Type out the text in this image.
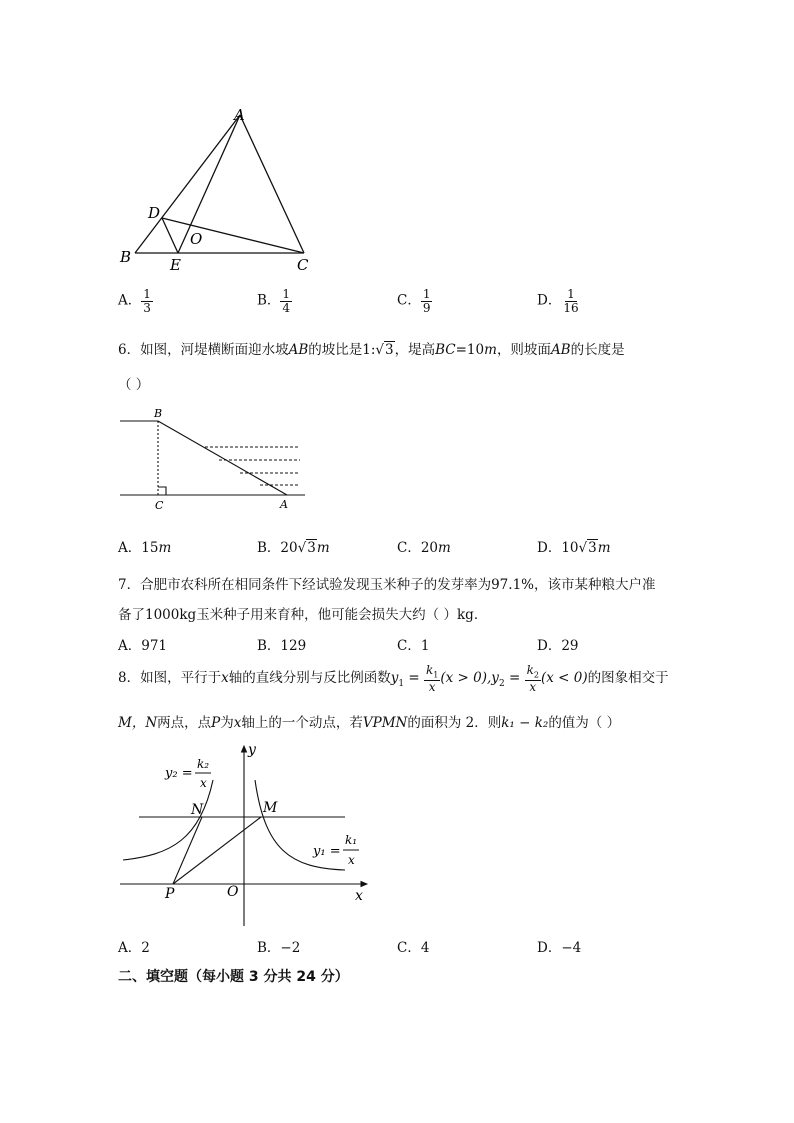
A
B	C
D
E
O
A． $\frac{1}{3}$	B． $\frac{1}{4}$	C． $\frac{1}{9}$	D． $\frac{1}{16}$
6．如图，河堤横断面迎水坡AB的坡比是1:√3，堤高BC=10m，则坡面AB的长度是
（ ）
B
C	A
A．15m	B．20√3m	C．20m	D．10√3m
7．合肥市农科所在相同条件下经试验发现玉米种子的发芽率为97.1%，该市某种粮大户准
备了1000kg玉米种子用来育种，他可能会损失大约（ ）kg．
A．971	B．129	C．1	D．29
8．如图，平行于x轴的直线分别与反比例函数$y_1 = \frac{k_1}{x} (x > 0),y_2 = \frac{k_2}{x} (x < 0)$的图象相交于
M，N两点，点P为x轴上的一个动点，若VPMN的面积为 2．则k₁ − k₂的值为（ ）
y
x
N	M
P	O
y₂ =
k₂
x
y₁ =
k₁
x
A．2	B．−2	C．4	D．−4
二、填空题（每小题 3 分共 24 分）
